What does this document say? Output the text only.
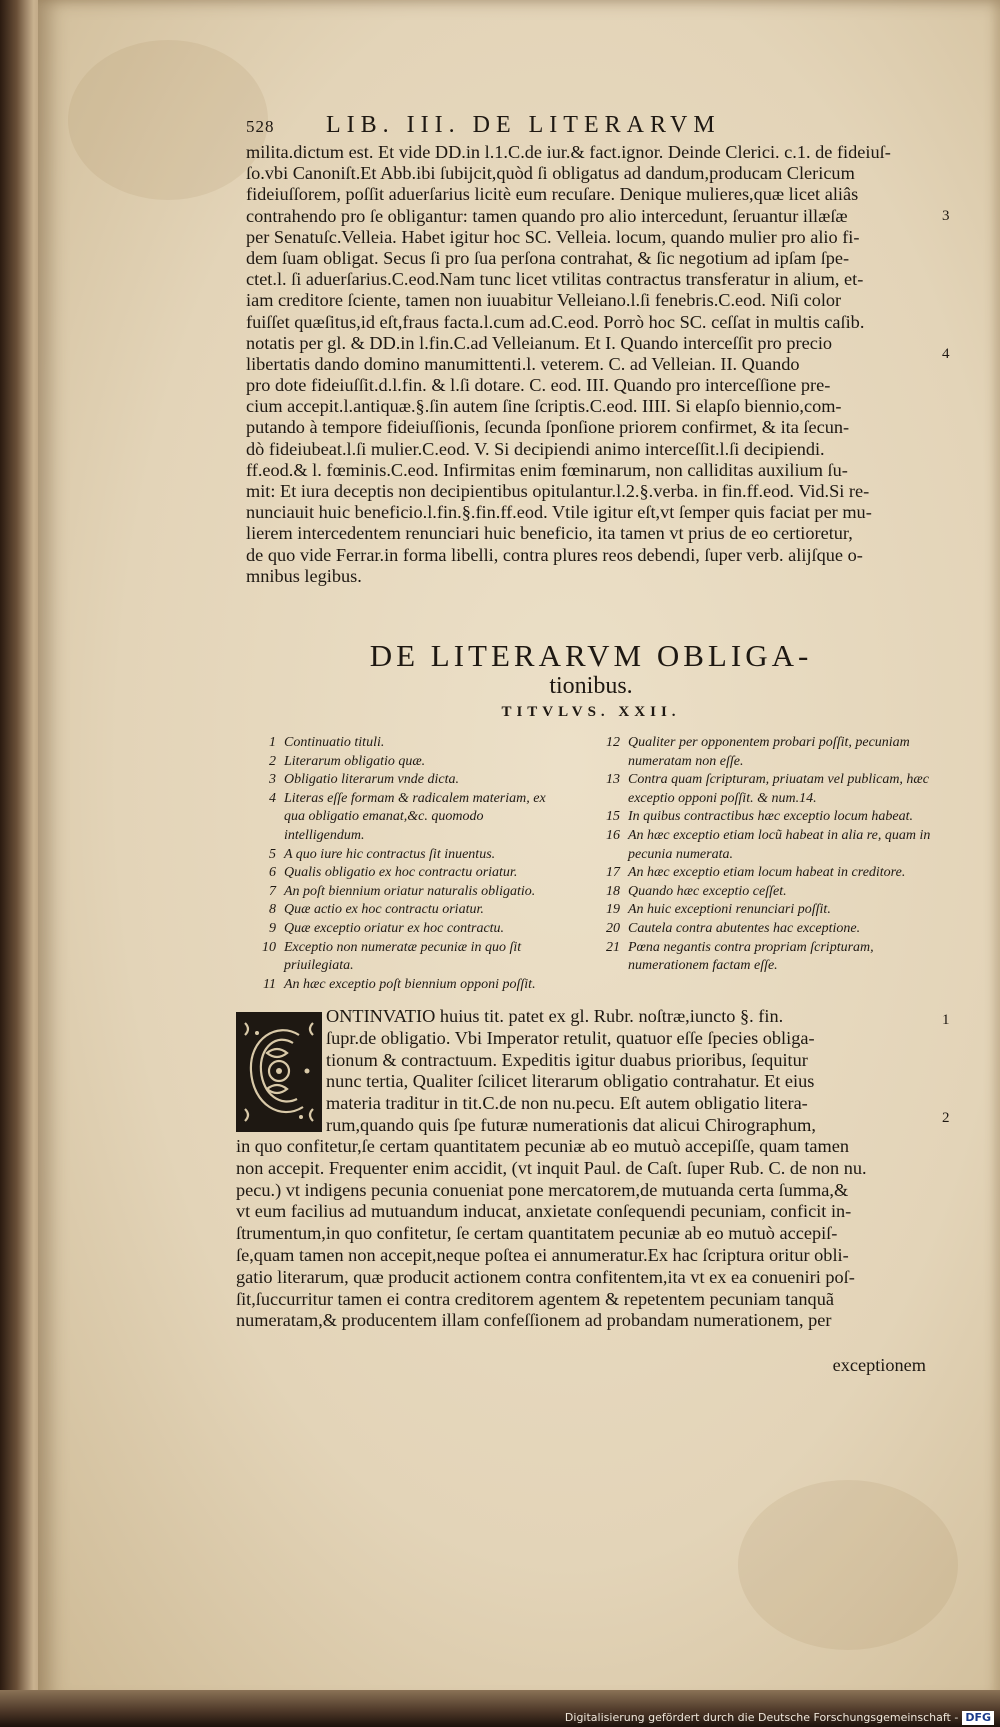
528 LIB. III. DE LITERARVM
milita.dictum est. Et vide DD.in l.1.C.de iur.& fact.ignor. Deinde Clerici. c.1. de fideiuſ-
ſo.vbi Canoniſt.Et Abb.ibi ſubijcit,quòd ſi obligatus ad dandum,producam Clericum
fideiuſſorem, poſſit aduerſarius licitè eum recuſare. Denique mulieres,quæ licet aliâs
contrahendo pro ſe obligantur: tamen quando pro alio intercedunt, ſeruantur illæſæ
per Senatuſc.Velleia. Habet igitur hoc SC. Velleia. locum, quando mulier pro alio fi-
dem ſuam obligat. Secus ſi pro ſua perſona contrahat, & ſic negotium ad ipſam ſpe-
ctet.l. ſi aduerſarius.C.eod.Nam tunc licet vtilitas contractus transferatur in alium, et-
iam creditore ſciente, tamen non iuuabitur Velleiano.l.ſi fenebris.C.eod. Niſi color
fuiſſet quæſitus,id eſt,fraus facta.l.cum ad.C.eod. Porrò hoc SC. ceſſat in multis caſib.
notatis per gl. & DD.in l.fin.C.ad Velleianum. Et I. Quando interceſſit pro precio
libertatis dando domino manumittenti.l. veterem. C. ad Velleian. II. Quando
pro dote fideiuſſit.d.l.fin. & l.ſi dotare. C. eod. III. Quando pro interceſſione pre-
cium accepit.l.antiquæ.§.ſin autem ſine ſcriptis.C.eod. IIII. Si elapſo biennio,com-
putando à tempore fideiuſſionis, ſecunda ſponſione priorem confirmet, & ita ſecun-
dò fideiubeat.l.ſi mulier.C.eod. V. Si decipiendi animo interceſſit.l.ſi decipiendi.
ff.eod.& l. fœminis.C.eod. Infirmitas enim fœminarum, non calliditas auxilium ſu-
mit: Et iura deceptis non decipientibus opitulantur.l.2.§.verba. in fin.ff.eod. Vid.Si re-
nunciauit huic beneficio.l.fin.§.fin.ff.eod. Vtile igitur eſt,vt ſemper quis faciat per mu-
lierem intercedentem renunciari huic beneficio, ita tamen vt prius de eo certioretur,
de quo vide Ferrar.in forma libelli, contra plures reos debendi, ſuper verb. alijſque o-
mnibus legibus.
3
4
DE LITERARVM OBLIGA-
tionibus.
TITVLVS. XXII.
1 Continuatio tituli.
2 Literarum obligatio quæ.
3 Obligatio literarum vnde dicta.
4 Literas eſſe formam & radicalem materiam, ex qua obligatio emanat,&c. quomodo intelligendum.
5 A quo iure hic contractus ſit inuentus.
6 Qualis obligatio ex hoc contractu oriatur.
7 An poſt biennium oriatur naturalis obligatio.
8 Quæ actio ex hoc contractu oriatur.
9 Quæ exceptio oriatur ex hoc contractu.
10 Exceptio non numeratæ pecuniæ in quo ſit priuilegiata.
11 An hæc exceptio poſt biennium opponi poſſit.
12 Qualiter per opponentem probari poſſit, pecuniam numeratam non eſſe.
13 Contra quam ſcripturam, priuatam vel publicam, hæc exceptio opponi poſſit. & num.14.
15 In quibus contractibus hæc exceptio locum habeat.
16 An hæc exceptio etiam locũ habeat in alia re, quam in pecunia numerata.
17 An hæc exceptio etiam locum habeat in creditore.
18 Quando hæc exceptio ceſſet.
19 An huic exceptioni renunciari poſſit.
20 Cautela contra abutentes hac exceptione.
21 Pœna negantis contra propriam ſcripturam, numerationem factam eſſe.
ONTINVATIO huius tit. patet ex gl. Rubr. noſtræ,iuncto §. fin.
ſupr.de obligatio. Vbi Imperator retulit, quatuor eſſe ſpecies obliga-
tionum & contractuum. Expeditis igitur duabus prioribus, ſequitur
nunc tertia, Qualiter ſcilicet literarum obligatio contrahatur. Et eius
materia traditur in tit.C.de non nu.pecu. Eſt autem obligatio litera-
rum,quando quis ſpe futuræ numerationis dat alicui Chirographum,
in quo confitetur,ſe certam quantitatem pecuniæ ab eo mutuò accepiſſe, quam tamen
non accepit. Frequenter enim accidit, (vt inquit Paul. de Caſt. ſuper Rub. C. de non nu.
pecu.) vt indigens pecunia conueniat pone mercatorem,de mutuanda certa ſumma,&
vt eum facilius ad mutuandum inducat, anxietate conſequendi pecuniam, conficit in-
ſtrumentum,in quo confitetur, ſe certam quantitatem pecuniæ ab eo mutuò accepiſ-
ſe,quam tamen non accepit,neque poſtea ei annumeratur.Ex hac ſcriptura oritur obli-
gatio literarum, quæ producit actionem contra confitentem,ita vt ex ea conueniri poſ-
ſit,ſuccurritur tamen ei contra creditorem agentem & repetentem pecuniam tanquã
numeratam,& producentem illam confeſſionem ad probandam numerationem, per
1
2
exceptionem
Digitalisierung gefördert durch die Deutsche Forschungsgemeinschaft - DFG
